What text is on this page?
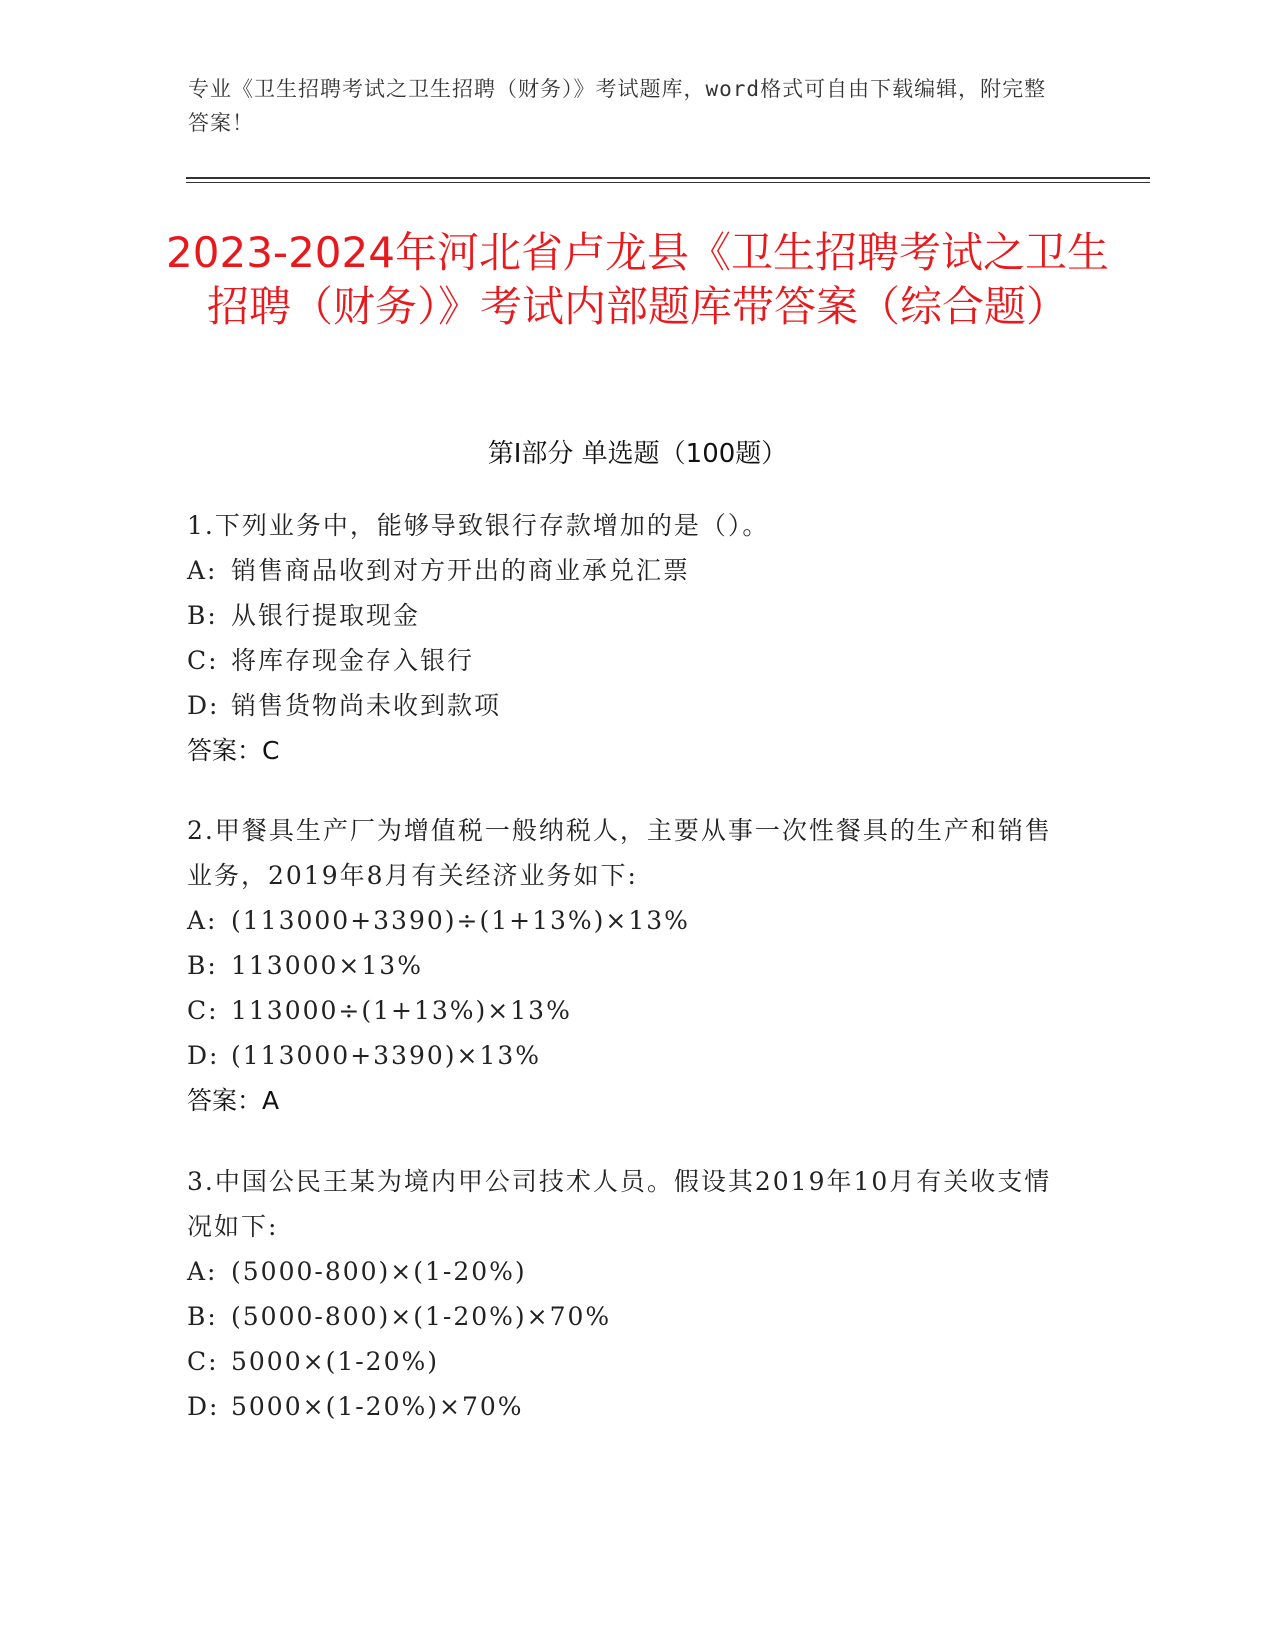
专业《卫生招聘考试之卫生招聘（财务）》考试题库，word格式可自由下载编辑，附完整答案！
2023-2024年河北省卢龙县《卫生招聘考试之卫生招聘（财务）》考试内部题库带答案（综合题）
第I部分 单选题（100题）
1.下列业务中，能够导致银行存款增加的是（）。
A: 销售商品收到对方开出的商业承兑汇票
B: 从银行提取现金
C: 将库存现金存入银行
D: 销售货物尚未收到款项
答案：C
2.甲餐具生产厂为增值税一般纳税人，主要从事一次性餐具的生产和销售业务，2019年8月有关经济业务如下:
A: (113000+3390)÷(1+13%)×13%
B: 113000×13%
C: 113000÷(1+13%)×13%
D: (113000+3390)×13%
答案：A
3.中国公民王某为境内甲公司技术人员。假设其2019年10月有关收支情况如下:
A: (5000-800)×(1-20%)
B: (5000-800)×(1-20%)×70%
C: 5000×(1-20%)
D: 5000×(1-20%)×70%
